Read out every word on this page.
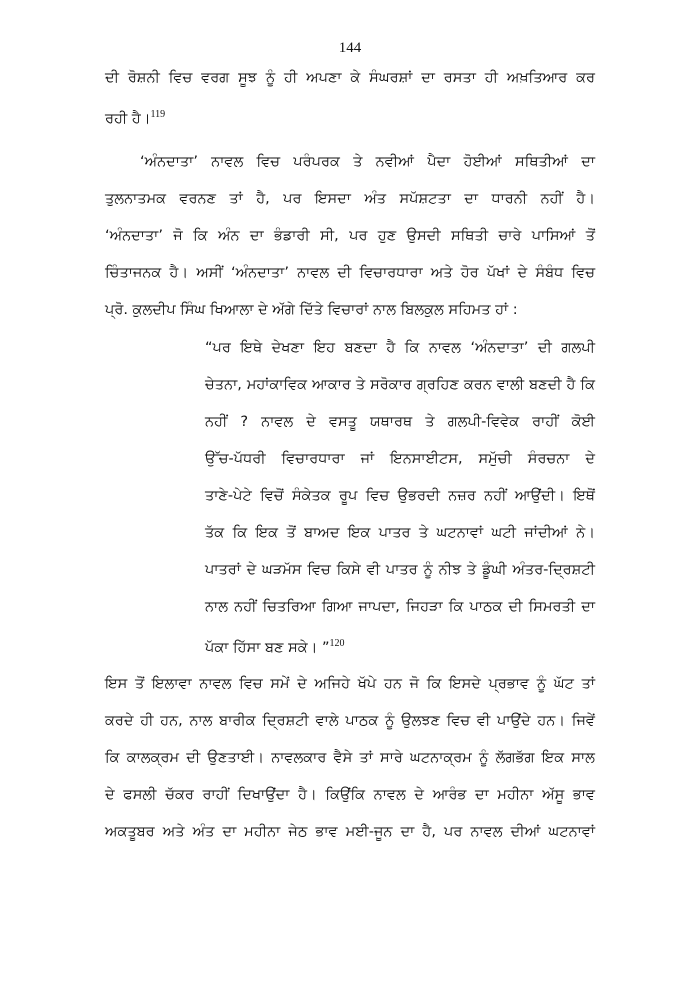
144
ਦੀ ਰੋਸ਼ਨੀ ਵਿਚ ਵਰਗ ਸੂਝ ਨੂੰ ਹੀ ਅਪਣਾ ਕੇ ਸੰਘਰਸ਼ਾਂ ਦਾ ਰਸਤਾ ਹੀ ਅਖ਼ਤਿਆਰ ਕਰ
ਰਹੀ ਹੈ।$^{119}$
‘ਅੰਨਦਾਤਾ’ ਨਾਵਲ ਵਿਚ ਪਰੰਪਰਕ ਤੇ ਨਵੀਆਂ ਪੈਦਾ ਹੋਈਆਂ ਸਥਿਤੀਆਂ ਦਾ
ਤੁਲਨਾਤਮਕ ਵਰਨਣ ਤਾਂ ਹੈ, ਪਰ ਇਸਦਾ ਅੰਤ ਸਪੱਸ਼ਟਤਾ ਦਾ ਧਾਰਨੀ ਨਹੀਂ ਹੈ।
‘ਅੰਨਦਾਤਾ’ ਜੋ ਕਿ ਅੰਨ ਦਾ ਭੰਡਾਰੀ ਸੀ, ਪਰ ਹੁਣ ਉਸਦੀ ਸਥਿਤੀ ਚਾਰੇ ਪਾਸਿਆਂ ਤੋਂ
ਚਿੰਤਾਜਨਕ ਹੈ। ਅਸੀਂ ‘ਅੰਨਦਾਤਾ’ ਨਾਵਲ ਦੀ ਵਿਚਾਰਧਾਰਾ ਅਤੇ ਹੋਰ ਪੱਖਾਂ ਦੇ ਸੰਬੰਧ ਵਿਚ
ਪ੍ਰੋ. ਕੁਲਦੀਪ ਸਿੰਘ ਖਿਆਲਾ ਦੇ ਅੱਗੇ ਦਿੱਤੇ ਵਿਚਾਰਾਂ ਨਾਲ ਬਿਲਕੁਲ ਸਹਿਮਤ ਹਾਂ :
“ਪਰ ਇਥੇ ਦੇਖਣਾ ਇਹ ਬਣਦਾ ਹੈ ਕਿ ਨਾਵਲ ‘ਅੰਨਦਾਤਾ’ ਦੀ ਗਲਪੀ
ਚੇਤਨਾ, ਮਹਾਂਕਾਵਿਕ ਆਕਾਰ ਤੇ ਸਰੋਕਾਰ ਗ੍ਰਹਿਣ ਕਰਨ ਵਾਲੀ ਬਣਦੀ ਹੈ ਕਿ
ਨਹੀਂ ? ਨਾਵਲ ਦੇ ਵਸਤੂ ਯਥਾਰਥ ਤੇ ਗਲਪੀ-ਵਿਵੇਕ ਰਾਹੀਂ ਕੋਈ
ਉੱਚ-ਪੱਧਰੀ ਵਿਚਾਰਧਾਰਾ ਜਾਂ ਇਨਸਾਈਟਸ, ਸਮੁੱਚੀ ਸੰਰਚਨਾ ਦੇ
ਤਾਣੇ-ਪੇਟੇ ਵਿਚੋਂ ਸੰਕੇਤਕ ਰੂਪ ਵਿਚ ਉਭਰਦੀ ਨਜ਼ਰ ਨਹੀਂ ਆਉਂਦੀ। ਇਥੋਂ
ਤੱਕ ਕਿ ਇਕ ਤੋਂ ਬਾਅਦ ਇਕ ਪਾਤਰ ਤੇ ਘਟਨਾਵਾਂ ਘਟੀ ਜਾਂਦੀਆਂ ਨੇ।
ਪਾਤਰਾਂ ਦੇ ਘੜਮੱਸ ਵਿਚ ਕਿਸੇ ਵੀ ਪਾਤਰ ਨੂੰ ਨੀਝ ਤੇ ਡੂੰਘੀ ਅੰਤਰ-ਦ੍ਰਿਸ਼ਟੀ
ਨਾਲ ਨਹੀਂ ਚਿਤਰਿਆ ਗਿਆ ਜਾਪਦਾ, ਜਿਹੜਾ ਕਿ ਪਾਠਕ ਦੀ ਸਿਮਰਤੀ ਦਾ
ਪੱਕਾ ਹਿੱਸਾ ਬਣ ਸਕੇ। ”$^{120}$
ਇਸ ਤੋਂ ਇਲਾਵਾ ਨਾਵਲ ਵਿਚ ਸਮੇਂ ਦੇ ਅਜਿਹੇ ਖੱਪੇ ਹਨ ਜੋ ਕਿ ਇਸਦੇ ਪ੍ਰਭਾਵ ਨੂੰ ਘੱਟ ਤਾਂ
ਕਰਦੇ ਹੀ ਹਨ, ਨਾਲ ਬਾਰੀਕ ਦ੍ਰਿਸ਼ਟੀ ਵਾਲੇ ਪਾਠਕ ਨੂੰ ਉਲਝਣ ਵਿਚ ਵੀ ਪਾਉਂਦੇ ਹਨ। ਜਿਵੇਂ
ਕਿ ਕਾਲਕ੍ਰਮ ਦੀ ਉਣਤਾਈ। ਨਾਵਲਕਾਰ ਵੈਸੇ ਤਾਂ ਸਾਰੇ ਘਟਨਾਕ੍ਰਮ ਨੂੰ ਲੱਗਭੱਗ ਇਕ ਸਾਲ
ਦੇ ਫਸਲੀ ਚੱਕਰ ਰਾਹੀਂ ਦਿਖਾਉਂਦਾ ਹੈ। ਕਿਉਂਕਿ ਨਾਵਲ ਦੇ ਆਰੰਭ ਦਾ ਮਹੀਨਾ ਅੱਸੂ ਭਾਵ
ਅਕਤੂਬਰ ਅਤੇ ਅੰਤ ਦਾ ਮਹੀਨਾ ਜੇਠ ਭਾਵ ਮਈ-ਜੂਨ ਦਾ ਹੈ, ਪਰ ਨਾਵਲ ਦੀਆਂ ਘਟਨਾਵਾਂ
